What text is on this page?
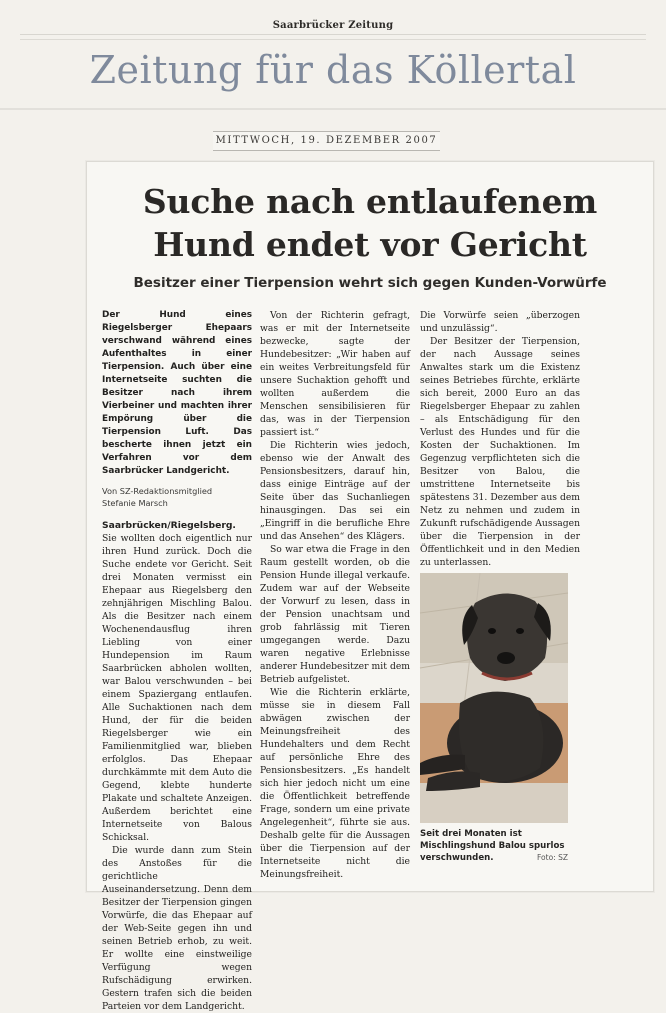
Saarbrücker Zeitung
Zeitung für das Köllertal
MITTWOCH, 19. DEZEMBER 2007
Suche nach entlaufenem
Hund endet vor Gericht
Besitzer einer Tierpension wehrt sich gegen Kunden-Vorwürfe

Der Hund eines Riegelsberger Ehepaars verschwand während eines Aufenthaltes in einer Tierpension. Auch über eine Internetseite suchten die Besitzer nach ihrem Vierbeiner und machten ihrer Empörung über die Tierpension Luft. Das bescherte ihnen jetzt ein Verfahren vor dem Saarbrücker Landgericht.

Von SZ-Redaktionsmitglied
Stefanie Marsch

Saarbrücken/Riegelsberg. Sie wollten doch eigentlich nur ihren Hund zurück. Doch die Suche endete vor Gericht. Seit drei Monaten vermisst ein Ehepaar aus Riegelsberg den zehnjährigen Mischling Balou. Als die Besitzer nach einem Wochenendausflug ihren Liebling von einer Hundepension im Raum Saarbrücken abholen wollten, war Balou verschwunden – bei einem Spaziergang entlaufen. Alle Suchaktionen nach dem Hund, der für die beiden Riegelsberger wie ein Familienmitglied war, blieben erfolglos. Das Ehepaar durchkämmte mit dem Auto die Gegend, klebte hunderte Plakate und schaltete Anzeigen. Außerdem berichtet eine Internetseite von Balous Schicksal.

Die wurde dann zum Stein des Anstoßes für die gerichtliche Auseinandersetzung. Denn dem Besitzer der Tierpension gingen Vorwürfe, die das Ehepaar auf der Web-Seite gegen ihn und seinen Betrieb erhob, zu weit. Er wollte eine einstweilige Verfügung wegen Rufschädigung erwirken. Gestern trafen sich die beiden Parteien vor dem Landgericht.

Von der Richterin gefragt, was er mit der Internetseite bezwecke, sagte der Hundebesitzer: „Wir haben auf ein weites Verbreitungsfeld für unsere Suchaktion gehofft und wollten außerdem die Menschen sensibilisieren für das, was in der Tierpension passiert ist.“

Die Richterin wies jedoch, ebenso wie der Anwalt des Pensionsbesitzers, darauf hin, dass einige Einträge auf der Seite über das Suchanliegen hinausgingen. Das sei ein „Eingriff in die berufliche Ehre und das Ansehen“ des Klägers.

So war etwa die Frage in den Raum gestellt worden, ob die Pension Hunde illegal verkaufe. Zudem war auf der Webseite der Vorwurf zu lesen, dass in der Pension unachtsam und grob fahrlässig mit Tieren umgegangen werde. Dazu waren negative Erlebnisse anderer Hundebesitzer mit dem Betrieb aufgelistet.

Wie die Richterin erklärte, müsse sie in diesem Fall abwägen zwischen der Meinungsfreiheit des Hundehalters und dem Recht auf persönliche Ehre des Pensionsbesitzers. „Es handelt sich hier jedoch nicht um eine die Öffentlichkeit betreffende Frage, sondern um eine private Angelegenheit“, führte sie aus. Deshalb gelte für die Aussagen über die Tierpension auf der Internetseite nicht die Meinungsfreiheit.

Die Vorwürfe seien „überzogen und unzulässig“.

Der Besitzer der Tierpension, der nach Aussage seines Anwaltes stark um die Existenz seines Betriebes fürchte, erklärte sich bereit, 2000 Euro an das Riegelsberger Ehepaar zu zahlen – als Entschädigung für den Verlust des Hundes und für die Kosten der Suchaktionen. Im Gegenzug verpflichteten sich die Besitzer von Balou, die umstrittene Internetseite bis spätestens 31. Dezember aus dem Netz zu nehmen und zudem in Zukunft rufschädigende Aussagen über die Tierpension in der Öffentlichkeit und in den Medien zu unterlassen.

Seit drei Monaten ist Mischlingshund Balou spurlos verschwunden.	Foto: SZ
